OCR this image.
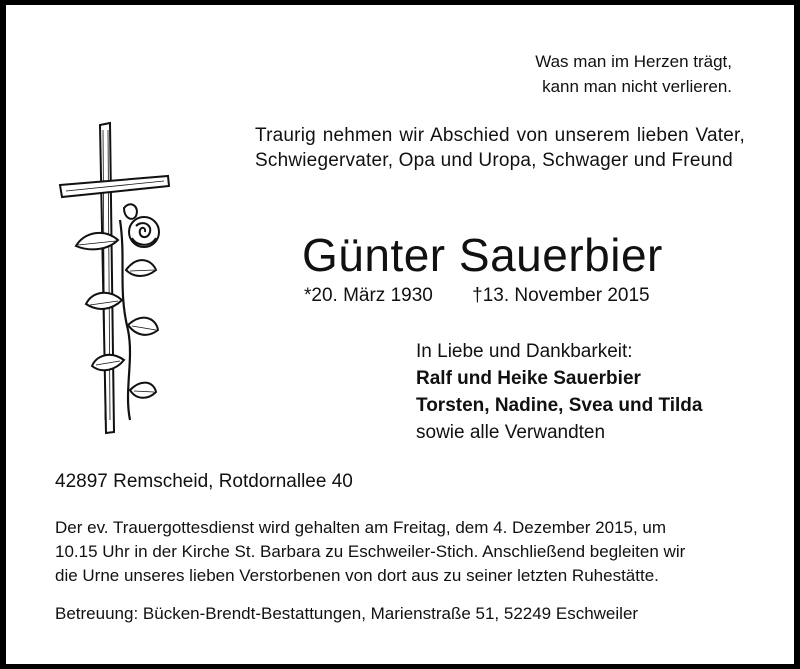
Was man im Herzen trägt,
kann man nicht verlieren.

Traurig nehmen wir Abschied von unserem lieben Vater, Schwiegervater, Opa und Uropa, Schwager und Freund

Günter Sauerbier

*20. März 1930 †13. November 2015

In Liebe und Dankbarkeit:
Ralf und Heike Sauerbier
Torsten, Nadine, Svea und Tilda
sowie alle Verwandten

42897 Remscheid, Rotdornallee 40

Der ev. Trauergottesdienst wird gehalten am Freitag, dem 4. Dezember 2015, um
10.15 Uhr in der Kirche St. Barbara zu Eschweiler-Stich. Anschließend begleiten wir
die Urne unseres lieben Verstorbenen von dort aus zu seiner letzten Ruhestätte.

Betreuung: Bücken-Brendt-Bestattungen, Marienstraße 51, 52249 Eschweiler
